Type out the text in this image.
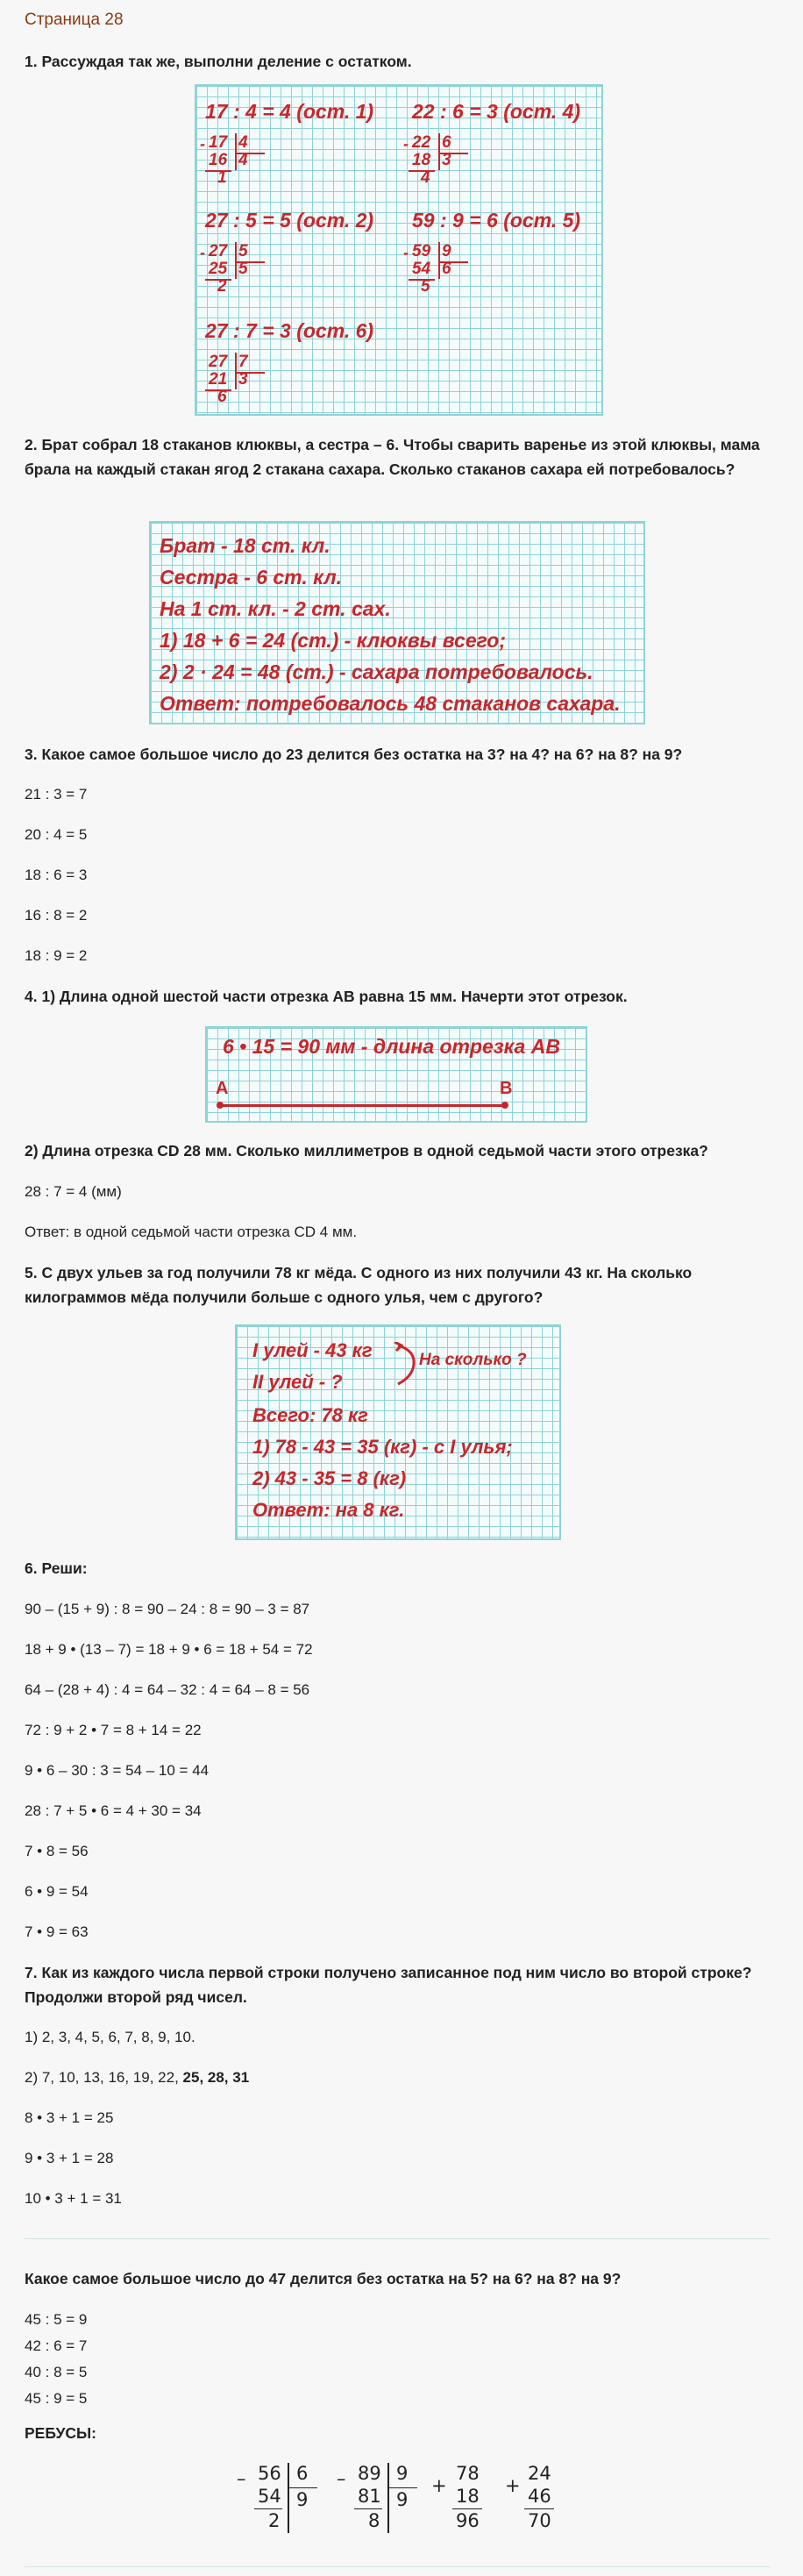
Страница 28
1. Рассуждая так же, выполни деление с остатком.
17 : 4 = 4 (ост. 1) 22 : 6 = 3 (ост. 4)
- 17 4
16 4
1
- 22 6
18 3
4
27 : 5 = 5 (ост. 2) 59 : 9 = 6 (ост. 5)
- 27 5
25 5
2
- 59 9
54 6
5
27 : 7 = 3 (ост. 6)
27 7
21 3
6
2. Брат собрал 18 стаканов клюквы, а сестра – 6. Чтобы сварить варенье из этой клюквы, мама брала на каждый стакан ягод 2 стакана сахара. Сколько стаканов сахара ей потребовалось?
Брат - 18 ст. кл.
Сестра - 6 ст. кл.
На 1 ст. кл. - 2 ст. сах.
1) 18 + 6 = 24 (ст.) - клюквы всего;
2) 2 · 24 = 48 (ст.) - сахара потребовалось.
Ответ: потребовалось 48 стаканов сахара.
3. Какое самое большое число до 23 делится без остатка на 3? на 4? на 6? на 8? на 9?
21 : 3 = 7
20 : 4 = 5
18 : 6 = 3
16 : 8 = 2
18 : 9 = 2
4. 1) Длина одной шестой части отрезка АВ равна 15 мм. Начерти этот отрезок.
6 • 15 = 90 мм - длина отрезка АВ
A	B
2) Длина отрезка CD 28 мм. Сколько миллиметров в одной седьмой части этого отрезка?
28 : 7 = 4 (мм)
Ответ: в одной седьмой части отрезка CD 4 мм.
5. С двух ульев за год получили 78 кг мёда. С одного из них получили 43 кг. На сколько килограммов мёда получили больше с одного улья, чем с другого?
I улей - 43 кг
II улей - ?
Всего: 78 кг
1) 78 - 43 = 35 (кг) - с I улья;
2) 43 - 35 = 8 (кг)
Ответ: на 8 кг.
На сколько ?
6. Реши:
90 – (15 + 9) : 8 = 90 – 24 : 8 = 90 – 3 = 87
18 + 9 • (13 – 7) = 18 + 9 • 6 = 18 + 54 = 72
64 – (28 + 4) : 4 = 64 – 32 : 4 = 64 – 8 = 56
72 : 9 + 2 • 7 = 8 + 14 = 22
9 • 6 – 30 : 3 = 54 – 10 = 44
28 : 7 + 5 • 6 = 4 + 30 = 34
7 • 8 = 56
6 • 9 = 54
7 • 9 = 63
7. Как из каждого числа первой строки получено записанное под ним число во второй строке? Продолжи второй ряд чисел.
1) 2, 3, 4, 5, 6, 7, 8, 9, 10.
2) 7, 10, 13, 16, 19, 22, 25, 28, 31
8 • 3 + 1 = 25
9 • 3 + 1 = 28
10 • 3 + 1 = 31
Какое самое большое число до 47 делится без остатка на 5? на 6? на 8? на 9?
45 : 5 = 9
42 : 6 = 7
40 : 8 = 5
45 : 9 = 5
РЕБУСЫ:
– 56
54
2
6
9
– 89
81
8
9
9
+
78
18
96
+
24
46
70
